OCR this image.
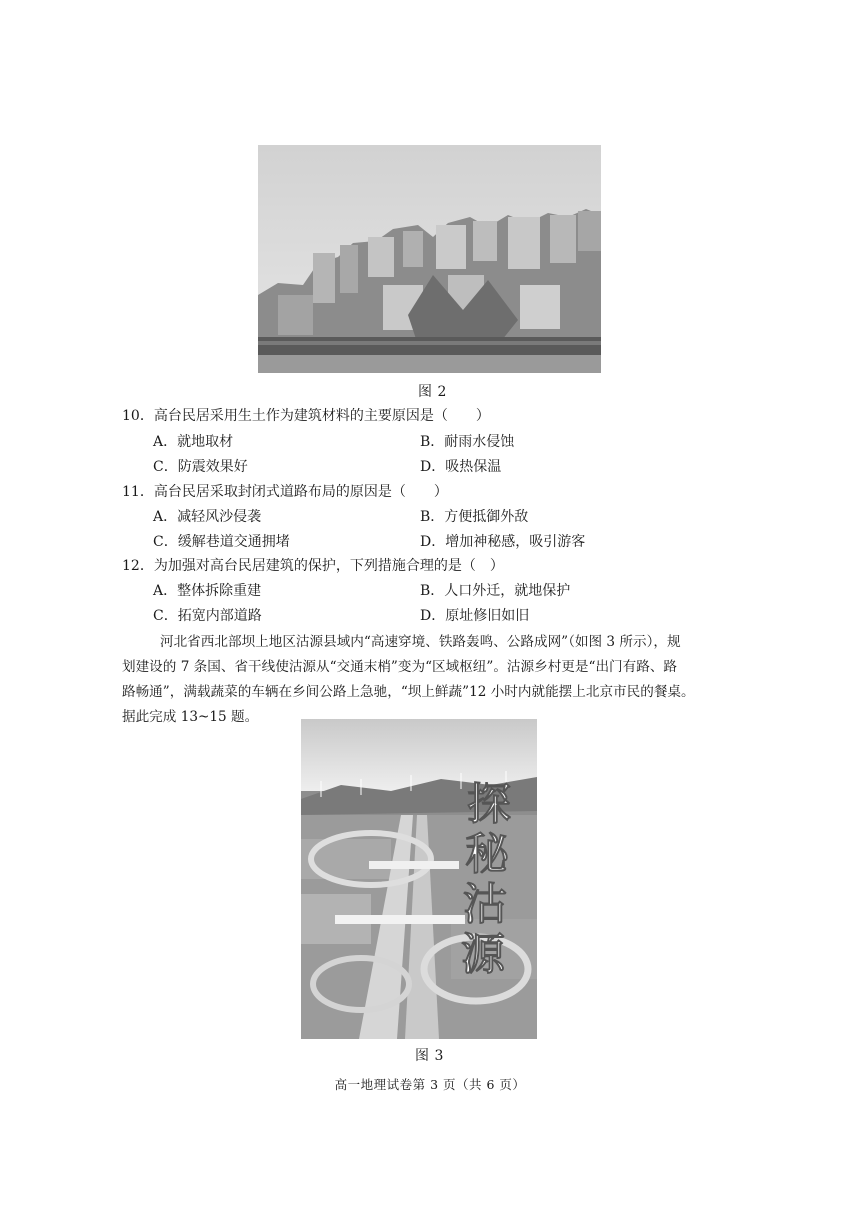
图 2
10．高台民居采用生土作为建筑材料的主要原因是（　　）
A．就地取材	B．耐雨水侵蚀
C．防震效果好	D．吸热保温
11．高台民居采取封闭式道路布局的原因是（　　）
A．减轻风沙侵袭	B．方便抵御外敌
C．缓解巷道交通拥堵	D．增加神秘感，吸引游客
12．为加强对高台民居建筑的保护，下列措施合理的是（　）
A．整体拆除重建	B．人口外迁，就地保护
C．拓宽内部道路	D．原址修旧如旧
河北省西北部坝上地区沽源县域内“高速穿境、铁路轰鸣、公路成网”（如图 3 所示），规
划建设的 7 条国、省干线使沽源从“交通末梢”变为“区域枢纽”。沽源乡村更是“出门有路、路
路畅通”，满载蔬菜的车辆在乡间公路上急驰，“坝上鲜蔬”12 小时内就能摆上北京市民的餐桌。
据此完成 13~15 题。
探
秘
沽
源
图 3
高一地理试卷第 3 页（共 6 页）
